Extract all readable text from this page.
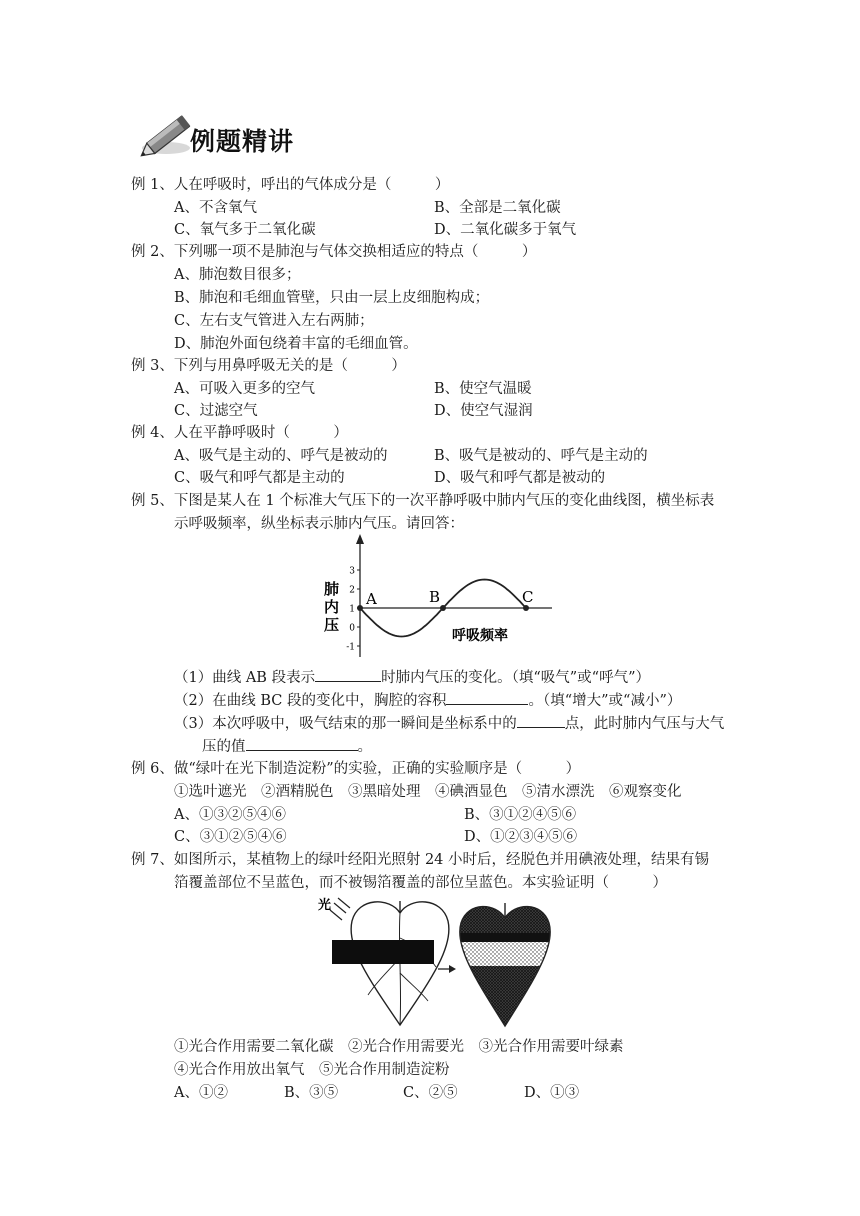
例题精讲
例 1、人在呼吸时，呼出的气体成分是（　　　）
A、不含氧气	B、全部是二氧化碳
C、氧气多于二氧化碳	D、二氧化碳多于氧气
例 2、下列哪一项不是肺泡与气体交换相适应的特点（　　　）
A、肺泡数目很多；
B、肺泡和毛细血管壁，只由一层上皮细胞构成；
C、左右支气管进入左右两肺；
D、肺泡外面包绕着丰富的毛细血管。
例 3、下列与用鼻呼吸无关的是（　　　）
A、可吸入更多的空气	B、使空气温暖
C、过滤空气	D、使空气湿润
例 4、人在平静呼吸时（　　　）
A、吸气是主动的、呼气是被动的	B、吸气是被动的、呼气是主动的
C、吸气和呼气都是主动的	D、吸气和呼气都是被动的
例 5、下图是某人在 1 个标准大气压下的一次平静呼吸中肺内气压的变化曲线图，横坐标表
示呼吸频率，纵坐标表示肺内气压。请回答：
3
2
1
0
-1
肺
内
压
呼吸频率
A	B	C
（1）曲线 AB 段表示	时肺内气压的变化。（填“吸气”或“呼气”）
（2）在曲线 BC 段的变化中，胸腔的容积	。（填“增大”或“减小”）
（3）本次呼吸中，吸气结束的那一瞬间是坐标系中的	点，此时肺内气压与大气
压的值	。
例 6、做“绿叶在光下制造淀粉”的实验，正确的实验顺序是（　　　）
①选叶遮光　②酒精脱色　③黑暗处理　④碘酒显色　⑤清水漂洗　⑥观察变化
A、①③②⑤④⑥	B、③①②④⑤⑥
C、③①②⑤④⑥	D、①②③④⑤⑥
例 7、如图所示，某植物上的绿叶经阳光照射 24 小时后，经脱色并用碘液处理，结果有锡
箔覆盖部位不呈蓝色，而不被锡箔覆盖的部位呈蓝色。本实验证明（　　　）
光
①光合作用需要二氧化碳　②光合作用需要光　③光合作用需要叶绿素
④光合作用放出氧气　⑤光合作用制造淀粉
A、①②	B、③⑤	C、②⑤	D、①③
